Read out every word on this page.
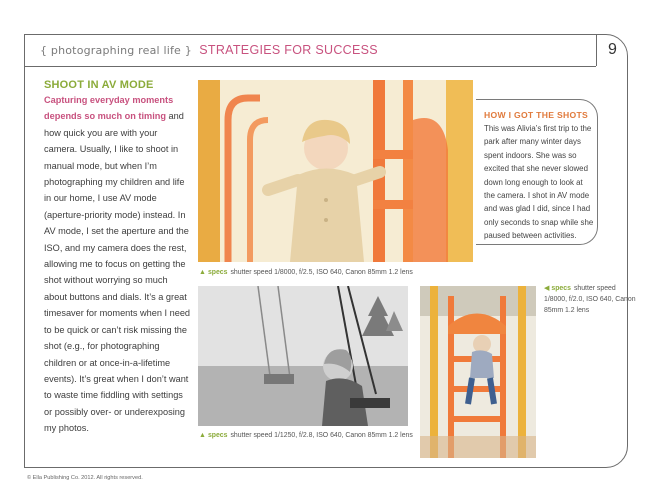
{ photographing real life } STRATEGIES FOR SUCCESS	9
SHOOT IN AV MODE
Capturing everyday moments depends so much on timing and how quick you are with your camera. Usually, I like to shoot in manual mode, but when I’m photographing my children and life in our home, I use AV mode (aperture-priority mode) instead. In AV mode, I set the aperture and the ISO, and my camera does the rest, allowing me to focus on getting the shot without worrying so much about buttons and dials. It’s a great timesaver for moments when I need to be quick or can’t risk missing the shot (e.g., for photographing children or at once-in-a-lifetime events). It’s great when I don’t want to waste time fiddling with settings or possibly over- or underexposing my photos.
HOW I GOT THE SHOTS
This was Alivia’s first trip to the park after many winter days spent indoors. She was so excited that she never slowed down long enough to look at the camera. I shot in AV mode and was glad I did, since I had only seconds to snap while she paused between activities.
▲ specs shutter speed 1/8000, f/2.5, ISO 640, Canon 85mm 1.2 lens
▲ specs shutter speed 1/1250, f/2.8, ISO 640, Canon 85mm 1.2 lens
◀ specs shutter speed 1/8000, f/2.0, ISO 640, Canon 85mm 1.2 lens
© Ella Publishing Co. 2012. All rights reserved.
